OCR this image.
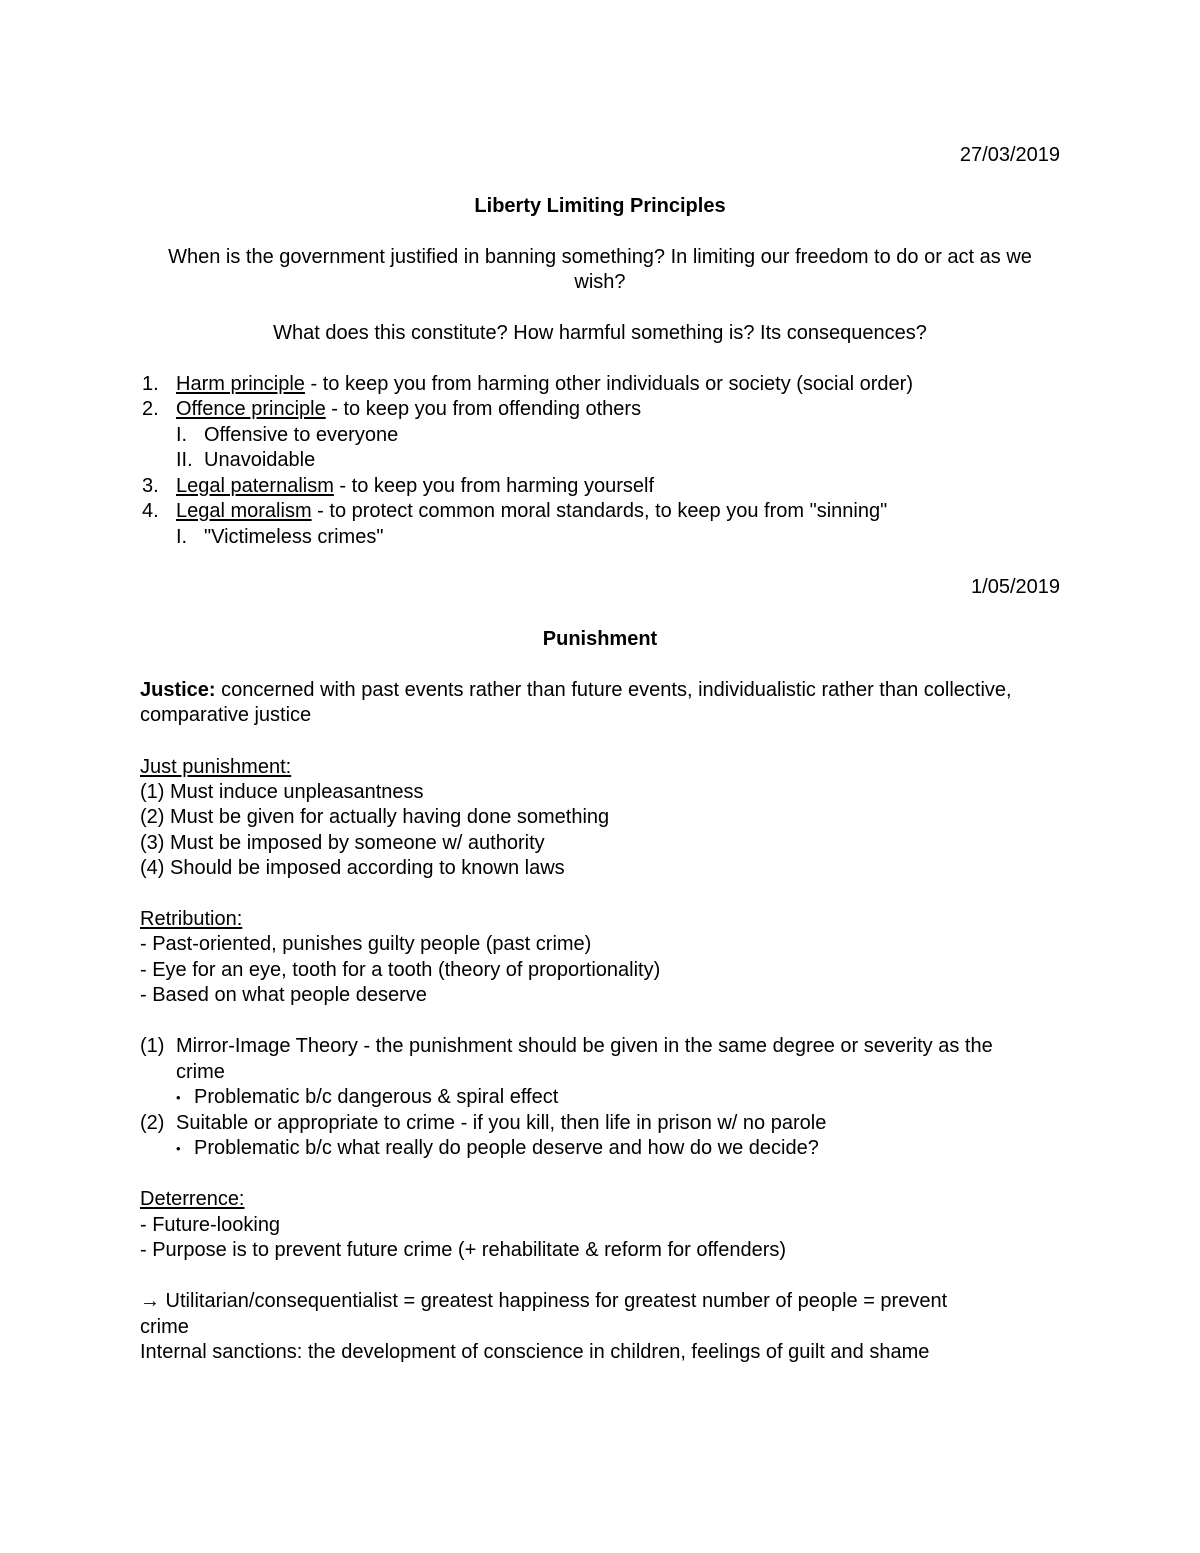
27/03/2019
Liberty Limiting Principles
When is the government justified in banning something? In limiting our freedom to do or act as we wish?
What does this constitute? How harmful something is? Its consequences?
1. Harm principle - to keep you from harming other individuals or society (social order)
2. Offence principle - to keep you from offending others
I. Offensive to everyone
II. Unavoidable
3. Legal paternalism - to keep you from harming yourself
4. Legal moralism - to protect common moral standards, to keep you from "sinning"
I. "Victimeless crimes"
1/05/2019
Punishment
Justice: concerned with past events rather than future events, individualistic rather than collective, comparative justice
Just punishment:
(1) Must induce unpleasantness
(2) Must be given for actually having done something
(3) Must be imposed by someone w/ authority
(4) Should be imposed according to known laws
Retribution:
- Past-oriented, punishes guilty people (past crime)
- Eye for an eye, tooth for a tooth (theory of proportionality)
- Based on what people deserve
(1) Mirror-Image Theory - the punishment should be given in the same degree or severity as the
crime
• Problematic b/c dangerous & spiral effect
(2) Suitable or appropriate to crime - if you kill, then life in prison w/ no parole
• Problematic b/c what really do people deserve and how do we decide?
Deterrence:
- Future-looking
- Purpose is to prevent future crime (+ rehabilitate & reform for offenders)
→ Utilitarian/consequentialist = greatest happiness for greatest number of people = prevent
crime
Internal sanctions: the development of conscience in children, feelings of guilt and shame
